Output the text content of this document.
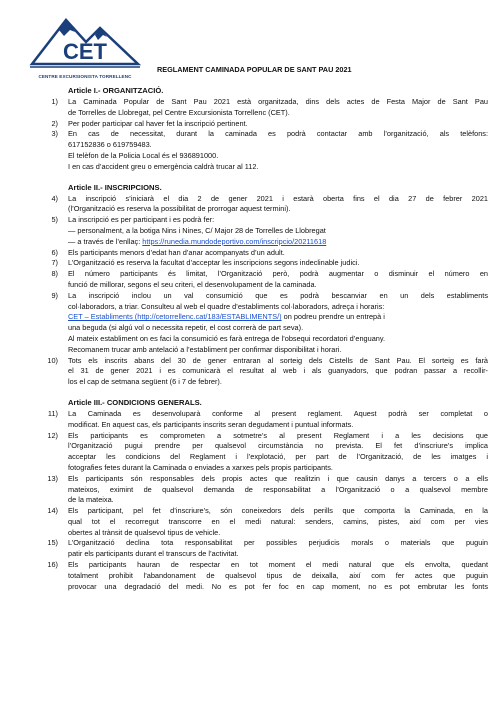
CET
CENTRE EXCURSIONISTA TORRELLENC
REGLAMENT CAMINADA POPULAR DE SANT PAU 2021
Article I.- ORGANITZACIÓ.
1) La Caminada Popular de Sant Pau 2021 està organitzada, dins dels actes de Festa Major de Sant Pau
de Torrelles de Llobregat, pel Centre Excursionista Torrellenc (CET).
2) Per poder participar cal haver fet la inscripció pertinent.
3) En cas de necessitat, durant la caminada es podrà contactar amb l’organització, als telèfons:
617152836 o 619759483.
El telèfon de la Policia Local és el 936891000.
I en cas d’accident greu o emergència caldrà trucar al 112.
Article II.- INSCRIPCIONS.
4) La inscripció s’iniciarà el dia 2 de gener 2021 i estarà oberta fins el dia 27 de febrer 2021
(l’Organització es reserva la possibilitat de prorrogar aquest termini).
5) La inscripció es per participant i es podrà fer:
— personalment, a la botiga Nins i Nines, C/ Major 28 de Torrelles de Llobregat
— a través de l’enllaç: https://runedia.mundodeportivo.com/inscripcio/20211618
6) Els participants menors d’edat han d’anar acompanyats d’un adult.
7) L’Organització es reserva la facultat d’acceptar les inscripcions segons indeclinable judici.
8) El número participants és limitat, l’Organització però, podrà augmentar o disminuir el número en
funció de millorar, segons el seu criteri, el desenvolupament de la caminada.
9) La inscripció inclou un val consumició que es podrà bescanviar en un dels establiments
col·laboradors, a triar. Consulteu al web el quadre d’establiments col·laboradors, adreça i horaris:
CET – Establiments (http://cetorrellenc.cat/183/ESTABLIMENTS/) on podreu prendre un entrepà i
una beguda (si algú vol o necessita repetir, el cost correrà de part seva).
Al mateix establiment on es faci la consumició es farà entrega de l’obsequi recordatori d’enguany.
Recomanem trucar amb antelació a l’establiment per confirmar disponibilitat i horari.
10) Tots els inscrits abans del 30 de gener entraran al sorteig dels Cistells de Sant Pau. El sorteig es farà
el 31 de gener 2021 i es comunicarà el resultat al web i als guanyadors, que podran passar a recollir-
los el cap de setmana següent (6 i 7 de febrer).
Article III.- CONDICIONS GENERALS.
11) La Caminada es desenvoluparà conforme al present reglament. Aquest podrà ser completat o
modificat. En aquest cas, els participants inscrits seran degudament i puntual informats.
12) Els participants es comprometen a sotmetre’s al present Reglament i a les decisions que
l’Organització pugui prendre per qualsevol circumstància no prevista. El fet d’inscriure’s implica
acceptar les condicions del Reglament i l’explotació, per part de l’Organització, de les imatges i
fotografies fetes durant la Caminada o enviades a xarxes pels propis participants.
13) Els participants són responsables dels propis actes que realitzin i que causin danys a tercers o a ells
mateixos, eximint de qualsevol demanda de responsabilitat a l’Organització o a qualsevol membre
de la mateixa.
14) Els participant, pel fet d’inscriure’s, són coneixedors dels perills que comporta la Caminada, en la
qual tot el recorregut transcorre en el medi natural: senders, camins, pistes, així com per vies
obertes al trànsit de qualsevol tipus de vehicle.
15) L’Organització declina tota responsabilitat per possibles perjudicis morals o materials que puguin
patir els participants durant el transcurs de l’activitat.
16) Els participants hauran de respectar en tot moment el medi natural que els envolta, quedant
totalment prohibit l’abandonament de qualsevol tipus de deixalla, així com fer actes que puguin
provocar una degradació del medi. No es pot fer foc en cap moment, no es pot embrutar les fonts
